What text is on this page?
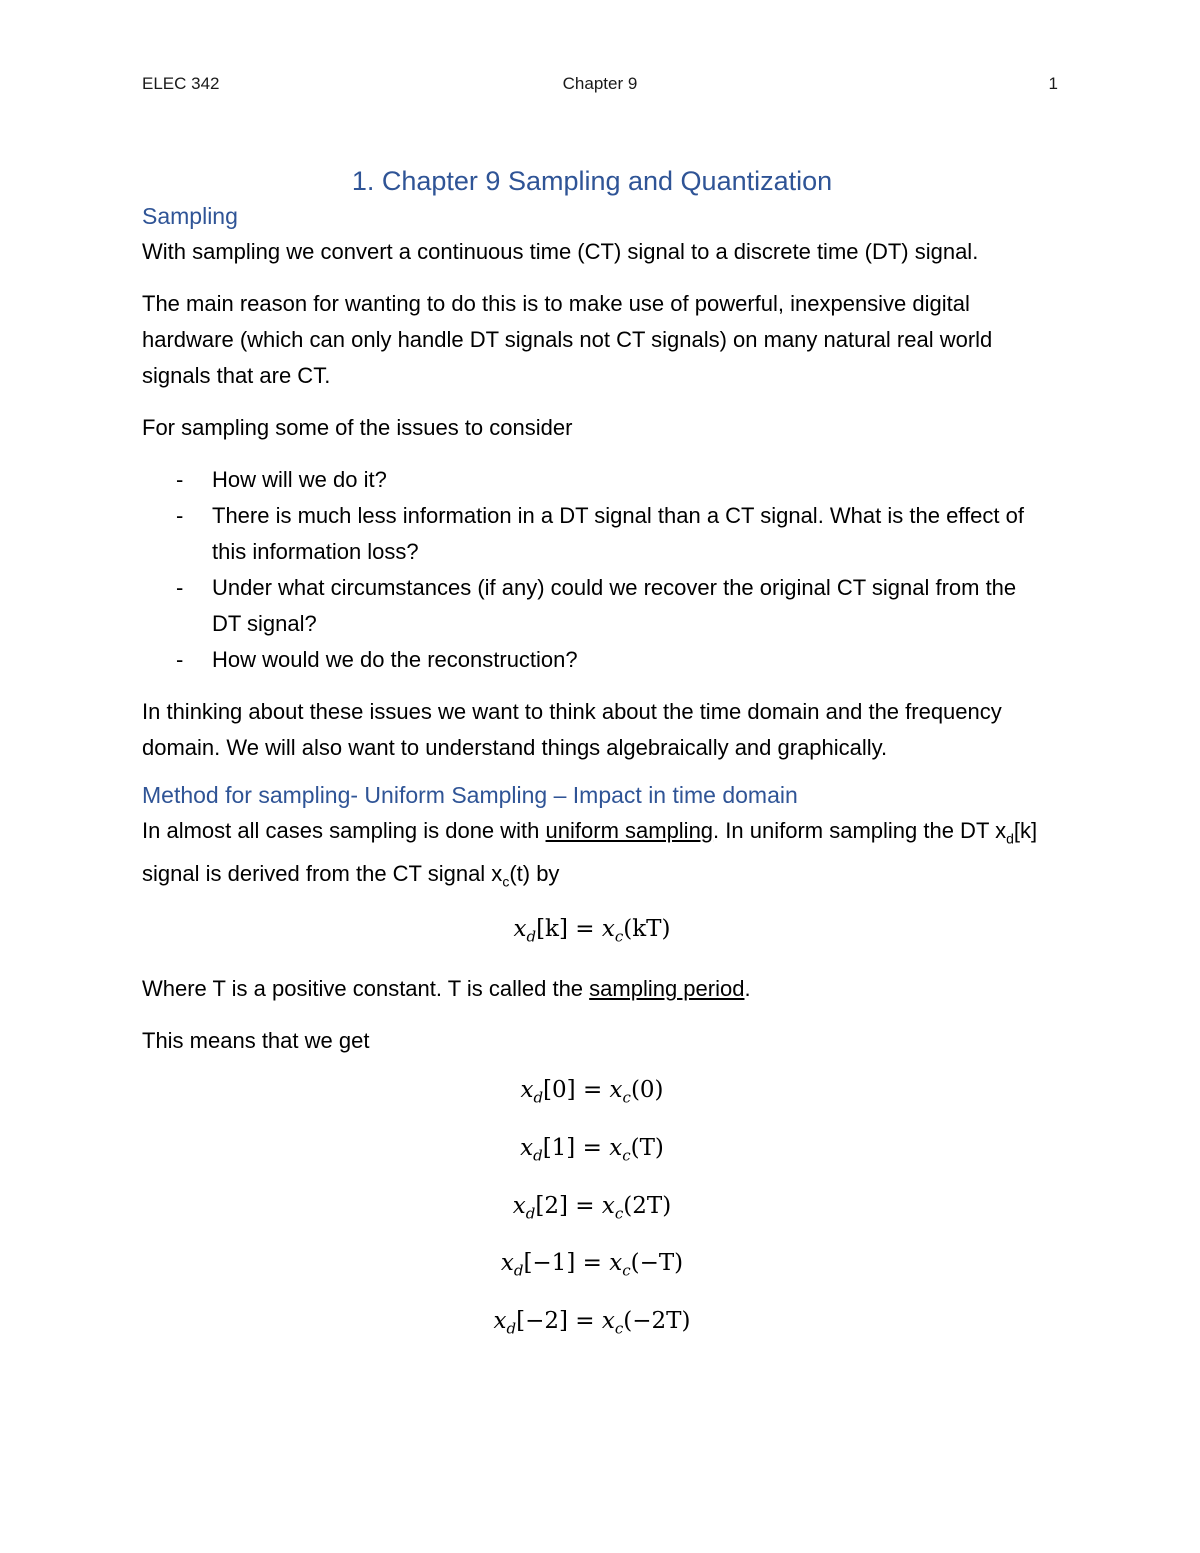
ELEC 342	Chapter 9	1
1. Chapter 9 Sampling and Quantization
Sampling

With sampling we convert a continuous time (CT) signal to a discrete time (DT) signal.

The main reason for wanting to do this is to make use of powerful, inexpensive digital hardware (which can only handle DT signals not CT signals) on many natural real world signals that are CT.

For sampling some of the issues to consider

- How will we do it?
- There is much less information in a DT signal than a CT signal. What is the effect of this information loss?
- Under what circumstances (if any) could we recover the original CT signal from the DT signal?
- How would we do the reconstruction?

In thinking about these issues we want to think about the time domain and the frequency domain. We will also want to understand things algebraically and graphically.

Method for sampling- Uniform Sampling – Impact in time domain

In almost all cases sampling is done with uniform sampling. In uniform sampling the DT $x_d[k]$ signal is derived from the CT signal $x_c(t)$ by

$x_d[k] = x_c(kT)$

Where T is a positive constant. T is called the sampling period.

This means that we get

$x_d[0] = x_c(0)$
$x_d[1] = x_c(T)$
$x_d[2] = x_c(2T)$
$x_d[-1] = x_c(-T)$
$x_d[-2] = x_c(-2T)$
